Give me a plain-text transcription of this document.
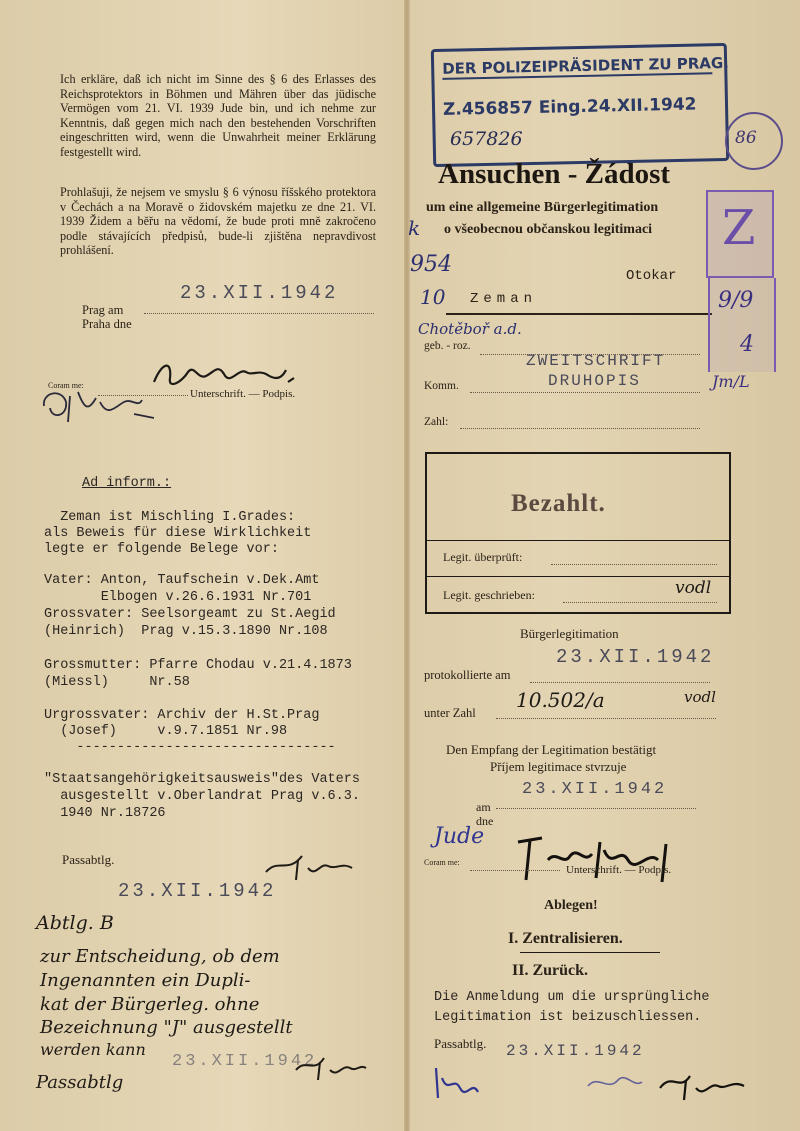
Ich erkläre, daß ich nicht im Sinne des § 6 des Erlasses des Reichsprotektors in Böhmen und Mähren über das jüdische Vermögen vom 21. VI. 1939 Jude bin, und ich nehme zur Kenntnis, daß gegen mich nach den bestehenden Vorschriften eingeschritten wird, wenn die Unwahrheit meiner Erklärung festgestellt wird.
Prohlašuji, že nejsem ve smyslu § 6 výnosu říšského protektora v Čechách a na Moravě o židovském majetku ze dne 21. VI. 1939 Židem a běřu na vědomí, že bude proti mně zakročeno podle stávajících předpisů, bude-li zjištěna nepravdivost prohlášení.
Prag am
Praha dne
23.XII.1942
Coram me:
Unterschrift. — Podpis.
Ad inform.:
Zeman ist Mischling I.Grades:
als Beweis für diese Wirklichkeit
legte er folgende Belege vor:
Vater: Anton, Taufschein v.Dek.Amt
Elbogen v.26.6.1931 Nr.701
Grossvater: Seelsorgeamt zu St.Aegid
(Heinrich)  Prag v.15.3.1890 Nr.108
Grossmutter: Pfarre Chodau v.21.4.1873
(Miessl)     Nr.58
Urgrossvater: Archiv der H.St.Prag
(Josef)     v.9.7.1851 Nr.98
--------------------------------
"Staatsangehörigkeitsausweis"des Vaters
ausgestellt v.Oberlandrat Prag v.6.3.
1940 Nr.18726
Passabtlg.
23.XII.1942
Abtlg. B
zur Entscheidung, ob dem
Ingenannten ein Dupli-
kat der Bürgerleg. ohne
Bezeichnung "J" ausgestellt
werden kann
23.XII.1942
Passabtlg
DER POLIZEIPRÄSIDENT ZU PRAG.
Z.456857 Eing.24.XII.1942
657826	86
Z
Ansuchen - Žádost
um eine allgemeine Bürgerlegitimation
o všeobecnou občanskou legitimaci
k
954
10
Chotěboř a.d.
Otokar
Zeman
geb. - roz.
ZWEITSCHRIFT
DRUHOPIS
Komm.
Zahl:
9/9
4
Jm/L
Bezahlt.
Legit. überprüft:
Legit. geschrieben:	vodl
Bürgerlegitimation
protokollierte am
23.XII.1942
unter Zahl
10.502/a	vodl
Den Empfang der Legitimation bestätigt
Příjem legitimace stvrzuje
am
dne
23.XII.1942
Jude
Coram me:
Unterschrift. — Podpis.
Ablegen!
I. Zentralisieren.
II. Zurück.
Die Anmeldung um die ursprüngliche
Legitimation ist beizuschliessen.
Passabtlg. 23.XII.1942
